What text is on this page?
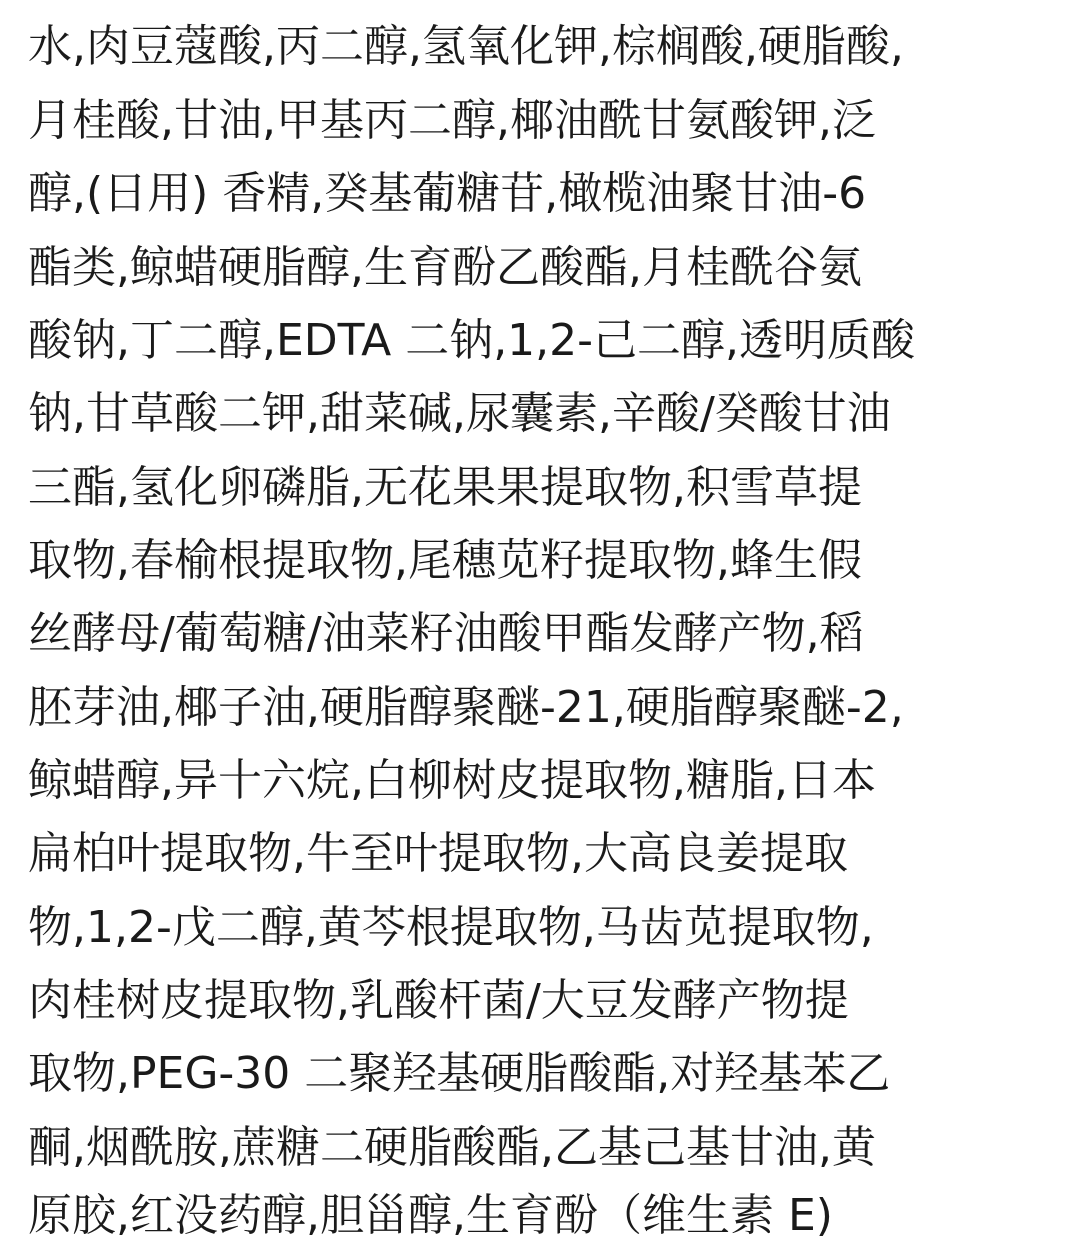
水,肉豆蔻酸,丙二醇,氢氧化钾,棕榈酸,硬脂酸,
月桂酸,甘油,甲基丙二醇,椰油酰甘氨酸钾,泛
醇,(日用) 香精,癸基葡糖苷,橄榄油聚甘油-6
酯类,鲸蜡硬脂醇,生育酚乙酸酯,月桂酰谷氨
酸钠,丁二醇,EDTA 二钠,1,2-己二醇,透明质酸
钠,甘草酸二钾,甜菜碱,尿囊素,辛酸/癸酸甘油
三酯,氢化卵磷脂,无花果果提取物,积雪草提
取物,春榆根提取物,尾穗苋籽提取物,蜂生假
丝酵母/葡萄糖/油菜籽油酸甲酯发酵产物,稻
胚芽油,椰子油,硬脂醇聚醚-21,硬脂醇聚醚-2,
鲸蜡醇,异十六烷,白柳树皮提取物,糖脂,日本
扁柏叶提取物,牛至叶提取物,大高良姜提取
物,1,2-戊二醇,黄芩根提取物,马齿苋提取物,
肉桂树皮提取物,乳酸杆菌/大豆发酵产物提
取物,PEG-30 二聚羟基硬脂酸酯,对羟基苯乙
酮,烟酰胺,蔗糖二硬脂酸酯,乙基己基甘油,黄
原胶,红没药醇,胆甾醇,生育酚（维生素 E)
